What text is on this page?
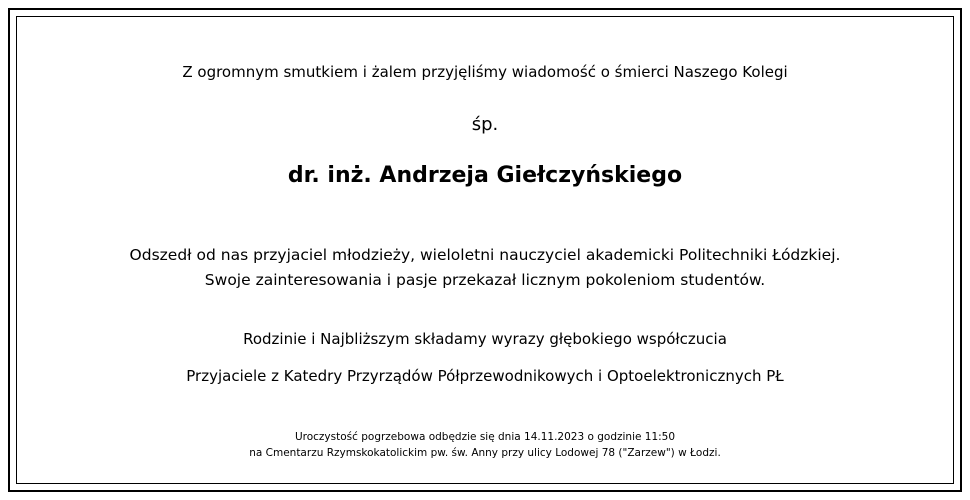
Z ogromnym smutkiem i żalem przyjęliśmy wiadomość o śmierci Naszego Kolegi
śp.
dr. inż. Andrzeja Giełczyńskiego
Odszedł od nas przyjaciel młodzieży, wieloletni nauczyciel akademicki Politechniki Łódzkiej.
Swoje zainteresowania i pasje przekazał licznym pokoleniom studentów.
Rodzinie i Najbliższym składamy wyrazy głębokiego współczucia
Przyjaciele z Katedry Przyrządów Półprzewodnikowych i Optoelektronicznych PŁ
Uroczystość pogrzebowa odbędzie się dnia 14.11.2023 o godzinie 11:50
na Cmentarzu Rzymskokatolickim pw. św. Anny przy ulicy Lodowej 78 ("Zarzew") w Łodzi.
